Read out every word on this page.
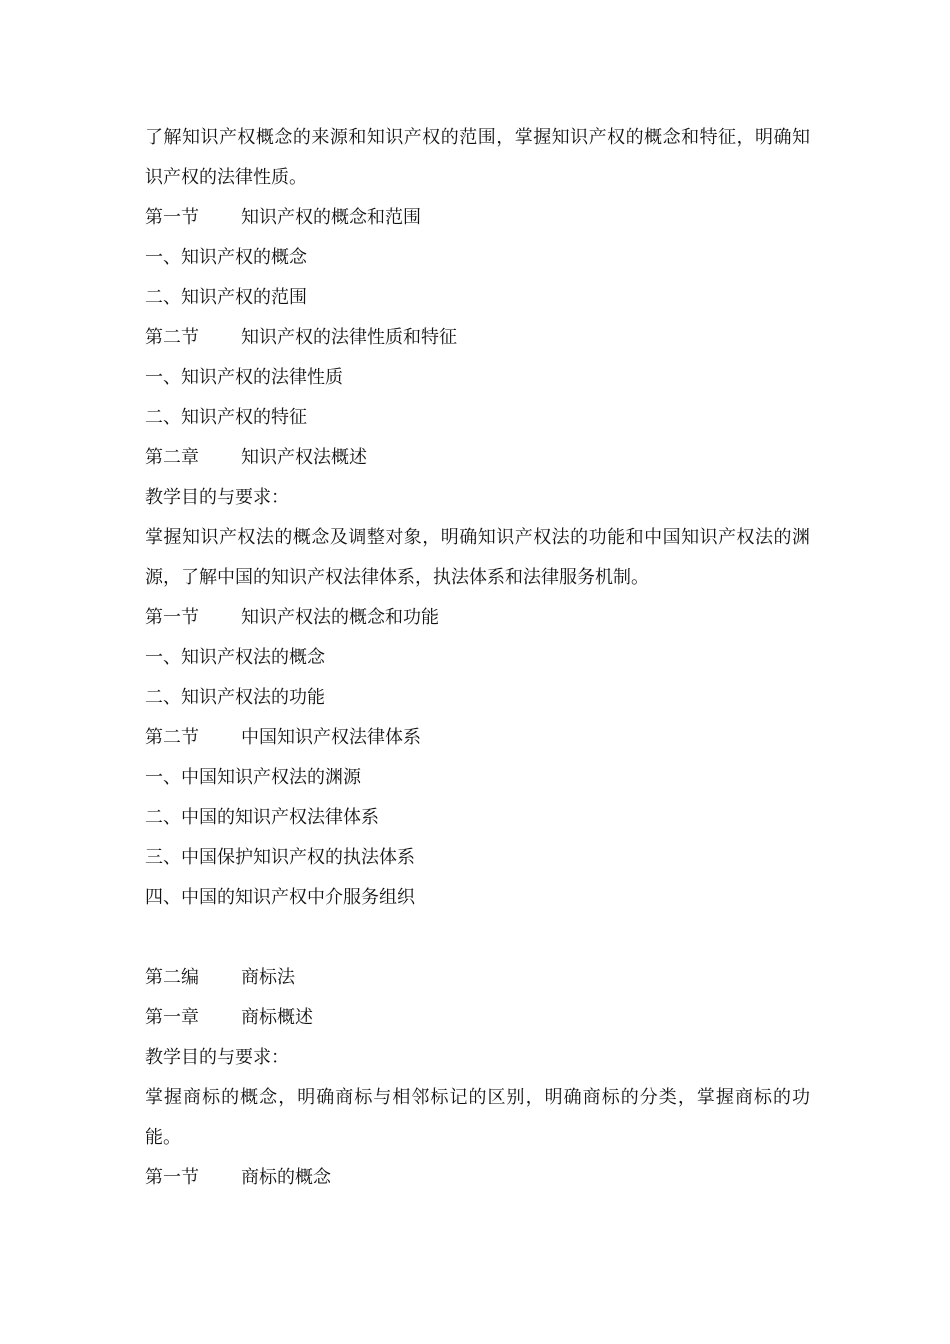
了解知识产权概念的来源和知识产权的范围，掌握知识产权的概念和特征，明确知识产权的法律性质。
第一节 知识产权的概念和范围
一、知识产权的概念
二、知识产权的范围
第二节 知识产权的法律性质和特征
一、知识产权的法律性质
二、知识产权的特征
第二章 知识产权法概述
教学目的与要求：
掌握知识产权法的概念及调整对象，明确知识产权法的功能和中国知识产权法的渊源，了解中国的知识产权法律体系，执法体系和法律服务机制。
第一节 知识产权法的概念和功能
一、知识产权法的概念
二、知识产权法的功能
第二节 中国知识产权法律体系
一、中国知识产权法的渊源
二、中国的知识产权法律体系
三、中国保护知识产权的执法体系
四、中国的知识产权中介服务组织
第二编 商标法
第一章 商标概述
教学目的与要求：
掌握商标的概念，明确商标与相邻标记的区别，明确商标的分类，掌握商标的功能。
第一节 商标的概念
